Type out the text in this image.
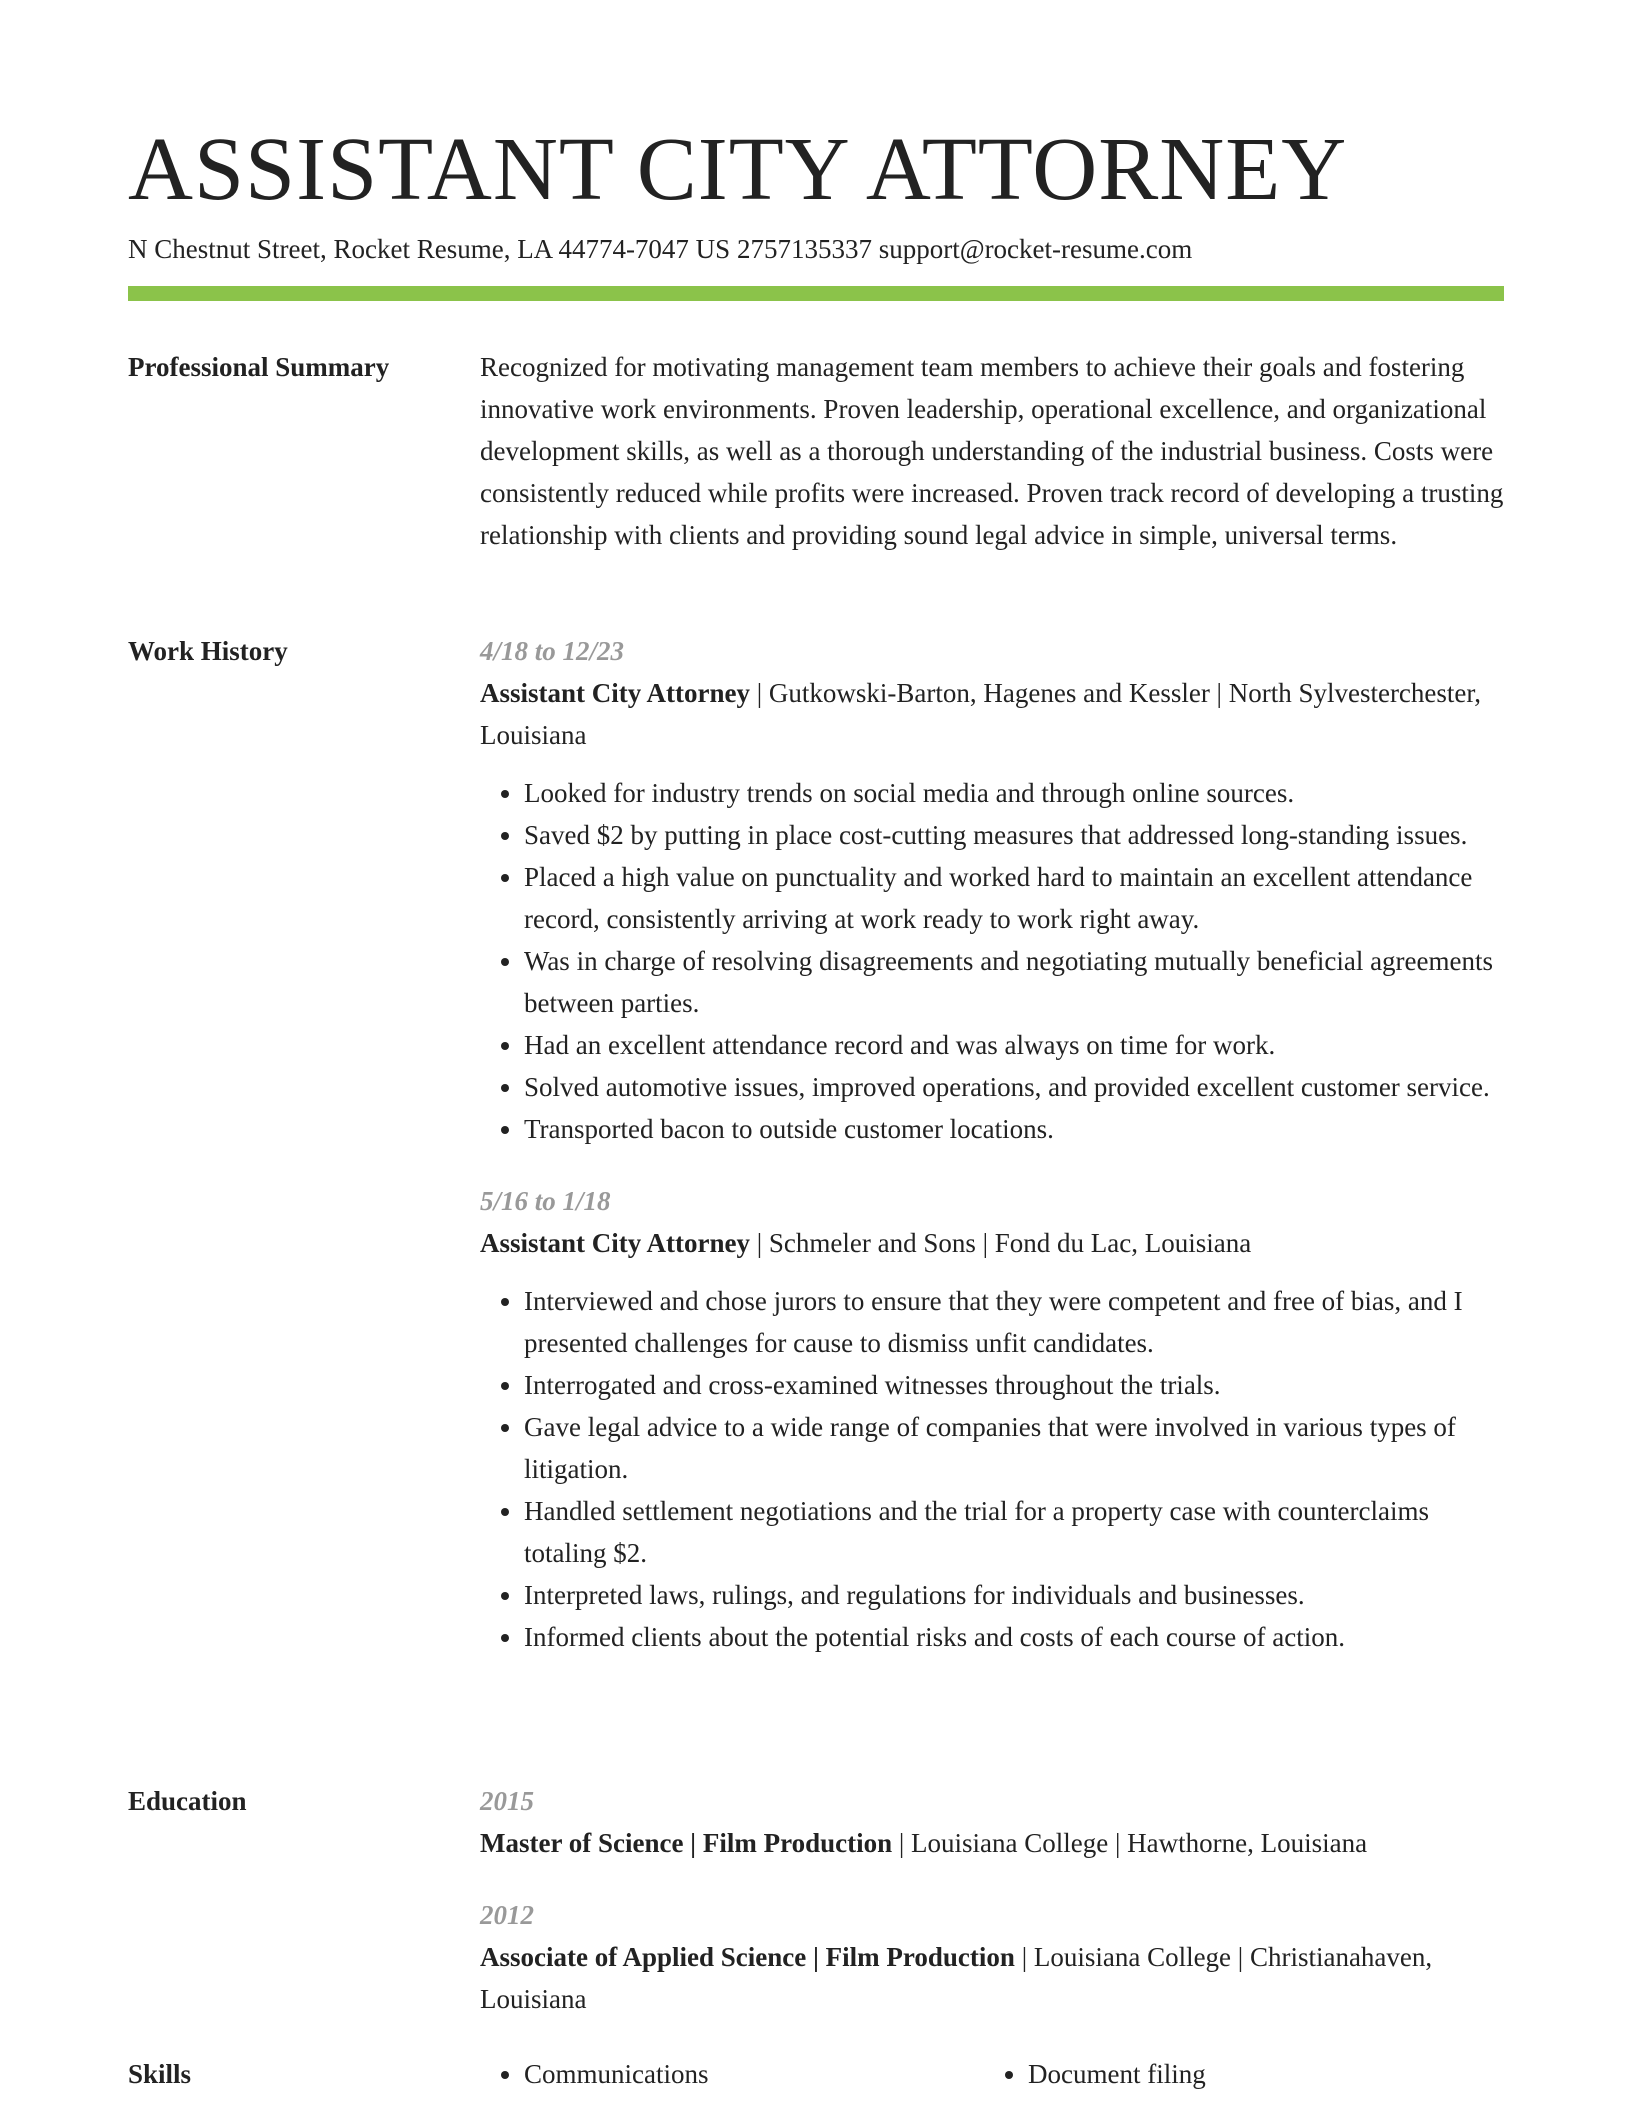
ASSISTANT CITY ATTORNEY
N Chestnut Street, Rocket Resume, LA 44774-7047 US 2757135337 support@rocket-resume.com
Professional Summary	Recognized for motivating management team members to achieve their goals and fostering innovative work environments. Proven leadership, operational excellence, and organizational development skills, as well as a thorough understanding of the industrial business. Costs were consistently reduced while profits were increased. Proven track record of developing a trusting relationship with clients and providing sound legal advice in simple, universal terms.

Work History	4/18 to 12/23

Assistant City Attorney | Gutkowski-Barton, Hagenes and Kessler | North Sylvesterchester, Louisiana

• Looked for industry trends on social media and through online sources.
• Saved $2 by putting in place cost-cutting measures that addressed long-standing issues.
• Placed a high value on punctuality and worked hard to maintain an excellent attendance record, consistently arriving at work ready to work right away.
• Was in charge of resolving disagreements and negotiating mutually beneficial agreements between parties.
• Had an excellent attendance record and was always on time for work.
• Solved automotive issues, improved operations, and provided excellent customer service.
• Transported bacon to outside customer locations.
5/16 to 1/18

Assistant City Attorney | Schmeler and Sons | Fond du Lac, Louisiana

• Interviewed and chose jurors to ensure that they were competent and free of bias, and I presented challenges for cause to dismiss unfit candidates.
• Interrogated and cross-examined witnesses throughout the trials.
• Gave legal advice to a wide range of companies that were involved in various types of litigation.
• Handled settlement negotiations and the trial for a property case with counterclaims totaling $2.
• Interpreted laws, rulings, and regulations for individuals and businesses.
• Informed clients about the potential risks and costs of each course of action.
Education	2015

Master of Science | Film Production | Louisiana College | Hawthorne, Louisiana

2012

Associate of Applied Science | Film Production | Louisiana College | Christianahaven, Louisiana

Skills	• Communications	• Document filing
